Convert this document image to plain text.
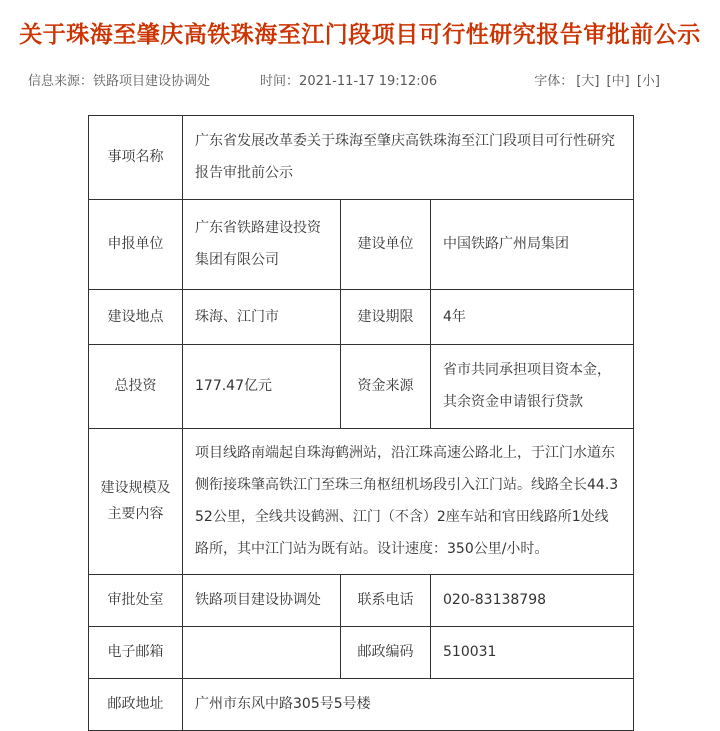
关于珠海至肇庆高铁珠海至江门段项目可行性研究报告审批前公示
信息来源：铁路项目建设协调处	时间：2021-11-17 19:12:06	字体： [大] [中] [小]
事项名称	广东省发展改革委关于珠海至肇庆高铁珠海至江门段项目可行性研究报告审批前公示		
申报单位	广东省铁路建设投资集团有限公司	建设单位	中国铁路广州局集团
建设地点	珠海、江门市	建设期限	4年
总投资	177.47亿元	资金来源	省市共同承担项目资本金，其余资金申请银行贷款
建设规模及主要内容	项目线路南端起自珠海鹤洲站，沿江珠高速公路北上，于江门水道东侧衔接珠肇高铁江门至珠三角枢纽机场段引入江门站。线路全长44.352公里，全线共设鹤洲、江门（不含）2座车站和官田线路所1处线路所，其中江门站为既有站。设计速度：350公里/小时。		
审批处室	铁路项目建设协调处	联系电话	020-83138798
电子邮箱		邮政编码	510031
邮政地址	广州市东风中路305号5号楼		
